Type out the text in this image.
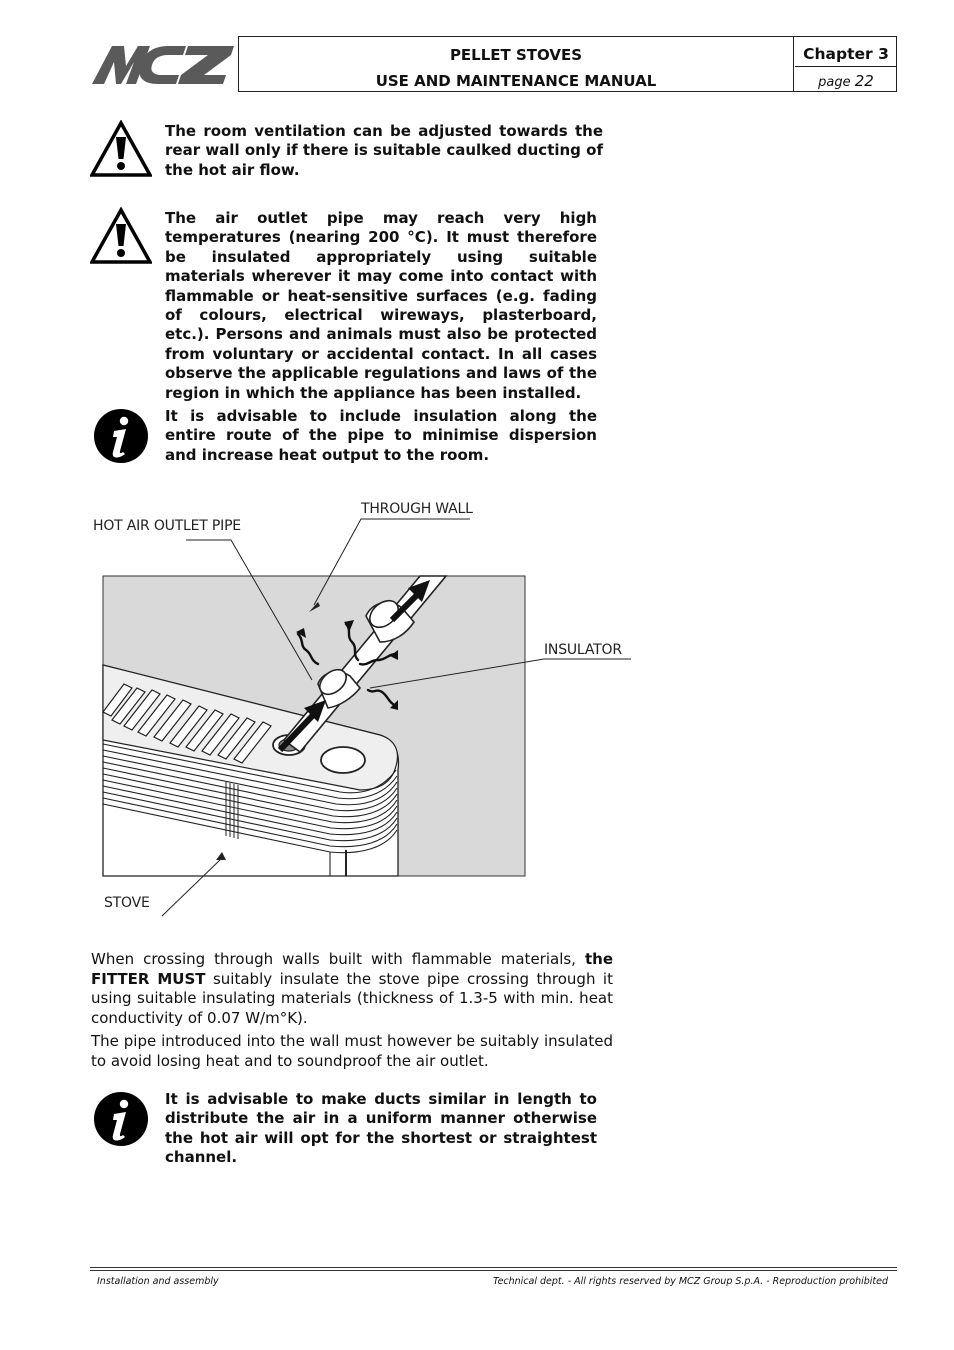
PELLET STOVES
USE AND MAINTENANCE MANUAL
Chapter 3
page 22
The room ventilation can be adjusted towards the rear wall only if there is suitable caulked ducting of the hot air flow.
The air outlet pipe may reach very high temperatures (nearing 200 °C). It must therefore be insulated appropriately using suitable materials wherever it may come into contact with flammable or heat-sensitive surfaces (e.g. fading of colours, electrical wireways, plasterboard, etc.). Persons and animals must also be protected from voluntary or accidental contact. In all cases observe the applicable regulations and laws of the region in which the appliance has been installed.
It is advisable to include insulation along the entire route of the pipe to minimise dispersion and increase heat output to the room.
HOT AIR OUTLET PIPE
THROUGH WALL
INSULATOR
STOVE
When crossing through walls built with flammable materials, the FITTER MUST suitably insulate the stove pipe crossing through it using suitable insulating materials (thickness of 1.3-5 with min. heat conductivity of 0.07 W/m°K).
The pipe introduced into the wall must however be suitably insulated to avoid losing heat and to soundproof the air outlet.
It is advisable to make ducts similar in length to distribute the air in a uniform manner otherwise the hot air will opt for the shortest or straightest channel.
Installation and assembly	Technical dept. - All rights reserved by MCZ Group S.p.A. - Reproduction prohibited
